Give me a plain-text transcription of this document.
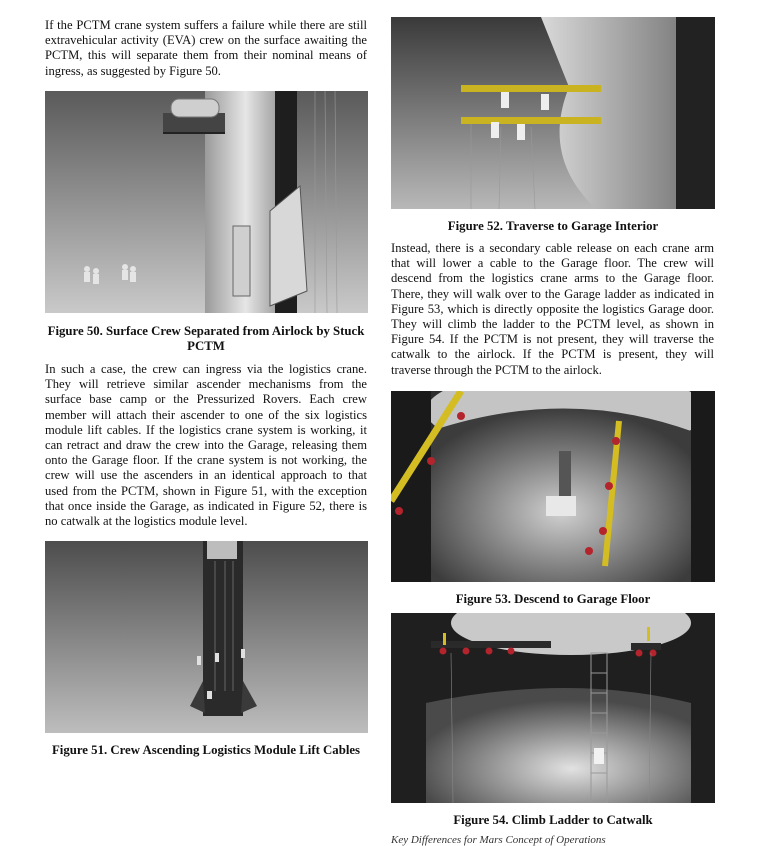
If the PCTM crane system suffers a failure while there are still extravehicular activity (EVA) crew on the surface awaiting the PCTM, this will separate them from their nominal means of ingress, as suggested by Figure 50.

Figure 50. Surface Crew Separated from Airlock by Stuck PCTM

In such a case, the crew can ingress via the logistics crane. They will retrieve similar ascender mechanisms from the surface base camp or the Pressurized Rovers. Each crew member will attach their ascender to one of the six logistics module lift cables. If the logistics crane system is working, it can retract and draw the crew into the Garage, releasing them onto the Garage floor. If the crane system is not working, the crew will use the ascenders in an identical approach to that used from the PCTM, shown in Figure 51, with the exception that once inside the Garage, as indicated in Figure 52, there is no catwalk at the logistics module level.

Figure 51. Crew Ascending Logistics Module Lift Cables

Figure 52. Traverse to Garage Interior

Instead, there is a secondary cable release on each crane arm that will lower a cable to the Garage floor. The crew will descend from the logistics crane arms to the Garage floor. There, they will walk over to the Garage ladder as indicated in Figure 53, which is directly opposite the logistics Garage door. They will climb the ladder to the PCTM level, as shown in Figure 54. If the PCTM is not present, they will traverse the catwalk to the airlock. If the PCTM is present, they will traverse through the PCTM to the airlock.

Figure 53. Descend to Garage Floor

Figure 54. Climb Ladder to Catwalk

Key Differences for Mars Concept of Operations
